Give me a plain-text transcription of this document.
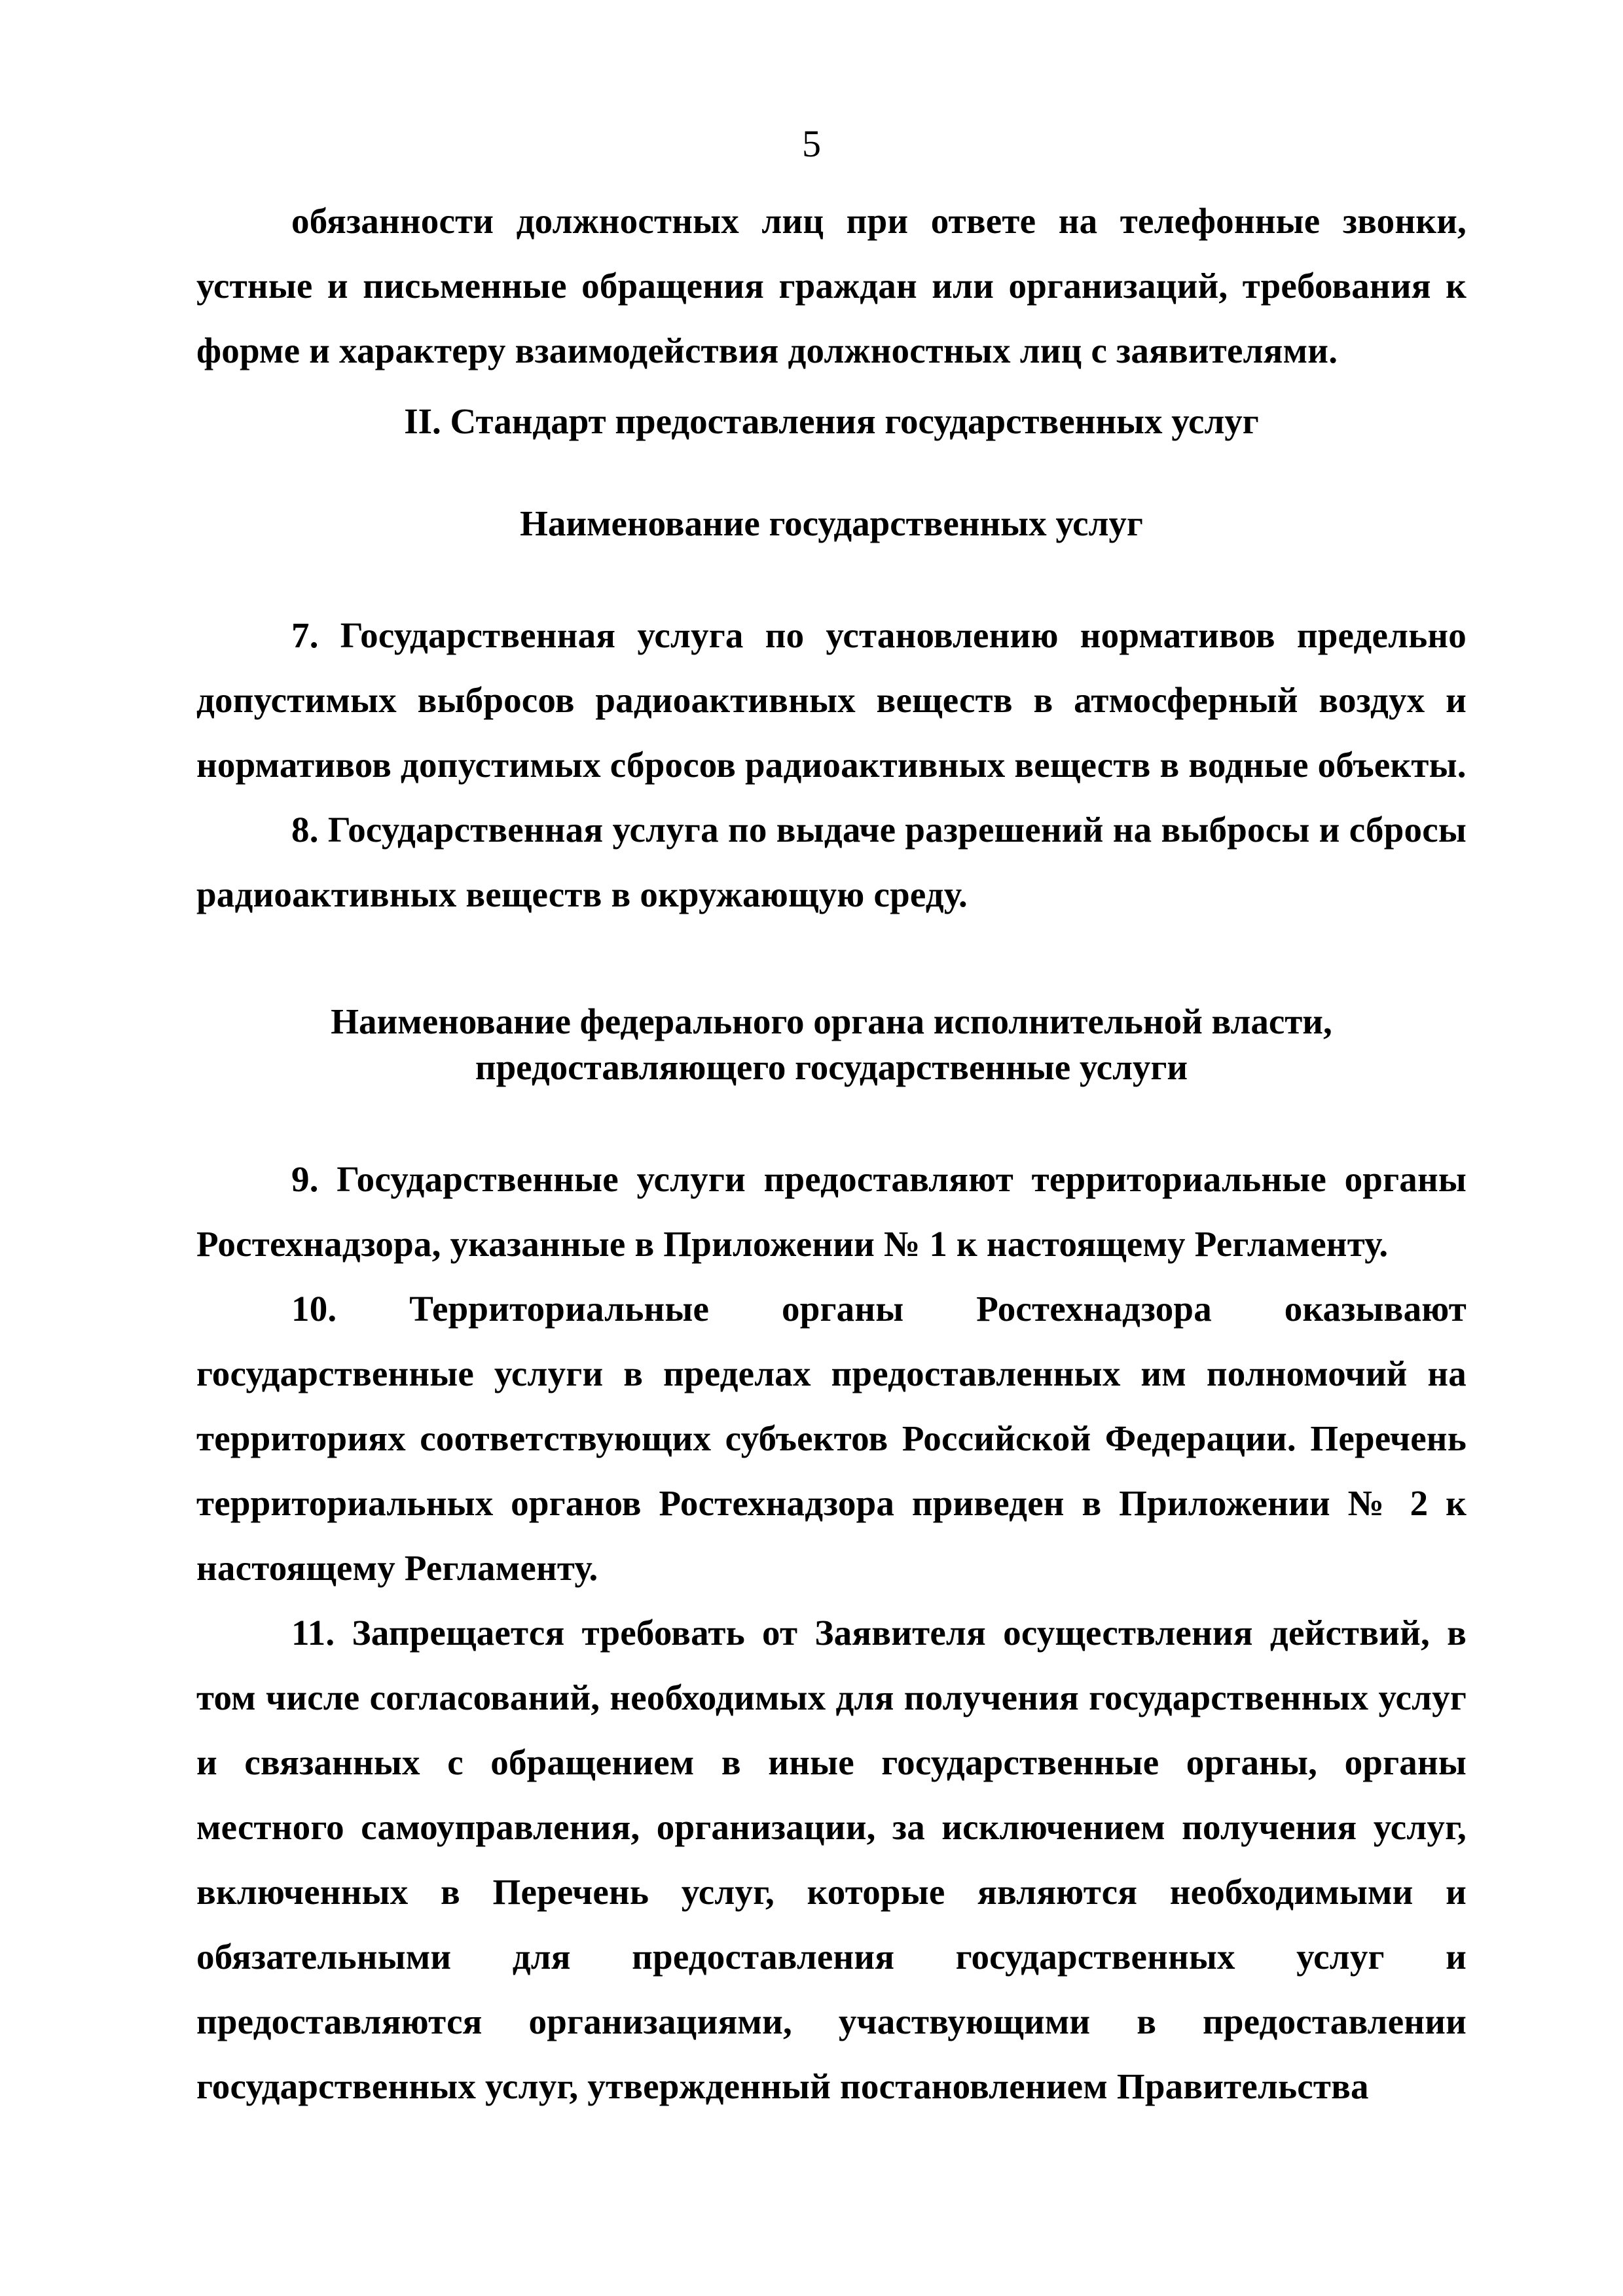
5

обязанности должностных лиц при ответе на телефонные звонки, устные и письменные обращения граждан или организаций, требования к форме и характеру взаимодействия должностных лиц с заявителями.

II. Стандарт предоставления государственных услуг
Наименование государственных услуг

7. Государственная услуга по установлению нормативов предельно допустимых выбросов радиоактивных веществ в атмосферный воздух и нормативов допустимых сбросов радиоактивных веществ в водные объекты.

8. Государственная услуга по выдаче разрешений на выбросы и сбросы радиоактивных веществ в окружающую среду.

Наименование федерального органа исполнительной власти,
предоставляющего государственные услуги

9. Государственные услуги предоставляют территориальные органы Ростехнадзора, указанные в Приложении № 1 к настоящему Регламенту.

10. Территориальные органы Ростехнадзора оказывают государственные услуги в пределах предоставленных им полномочий на территориях соответствующих субъектов Российской Федерации. Перечень территориальных органов Ростехнадзора приведен в Приложении № 2 к настоящему Регламенту.

11. Запрещается требовать от Заявителя осуществления действий, в том числе согласований, необходимых для получения государственных услуг и связанных с обращением в иные государственные органы, органы местного самоуправления, организации, за исключением получения услуг, включенных в Перечень услуг, которые являются необходимыми и обязательными для предоставления государственных услуг и предоставляются организациями, участвующими в предоставлении государственных услуг, утвержденный постановлением Правительства
